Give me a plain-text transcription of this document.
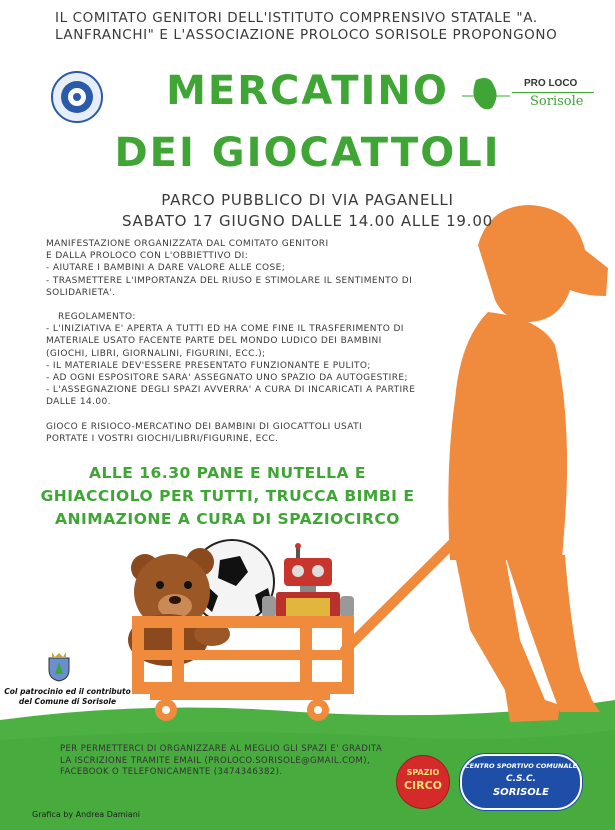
PRO LOCO
Sorisole
IL COMITATO GENITORI DELL'ISTITUTO COMPRENSIVO STATALE "A. LANFRANCHI" E L'ASSOCIAZIONE PROLOCO SORISOLE PROPONGONO
MERCATINO
DEI GIOCATTOLI
PARCO PUBBLICO DI VIA PAGANELLI
SABATO 17 GIUGNO DALLE 14.00 ALLE 19.00

MANIFESTAZIONE ORGANIZZATA DAL COMITATO GENITORI

E DALLA PROLOCO CON L'OBBIETTIVO DI:

- AIUTARE I BAMBINI A DARE VALORE ALLE COSE;

- TRASMETTERE L'IMPORTANZA DEL RIUSO E STIMOLARE IL SENTIMENTO DI SOLIDARIETA'.

REGOLAMENTO:

- L'INIZIATIVA E' APERTA A TUTTI ED HA COME FINE IL TRASFERIMENTO DI MATERIALE USATO FACENTE PARTE DEL MONDO LUDICO DEI BAMBINI (GIOCHI, LIBRI, GIORNALINI, FIGURINI, ECC.);

- IL MATERIALE DEV'ESSERE PRESENTATO FUNZIONANTE E PULITO;

- AD OGNI ESPOSITORE SARA' ASSEGNATO UNO SPAZIO DA AUTOGESTIRE;

- L'ASSEGNAZIONE DEGLI SPAZI AVVERRA' A CURA DI INCARICATI A PARTIRE DALLE 14.00.

GIOCO E RISIOCO-MERCATINO DEI BAMBINI DI GIOCATTOLI USATI

PORTATE I VOSTRI GIOCHI/LIBRI/FIGURINE, ECC.

ALLE 16.30 PANE E NUTELLA E
GHIACCIOLO PER TUTTI, TRUCCA BIMBI E
ANIMAZIONE A CURA DI SPAZIOCIRCO
Col patrocinio ed il contributo del Comune di Sorisole
PER PERMETTERCI DI ORGANIZZARE AL MEGLIO GLI SPAZI E' GRADITA LA ISCRIZIONE TRAMITE EMAIL (PROLOCO.SORISOLE@GMAIL.COM), FACEBOOK O TELEFONICAMENTE (3474346382).	SPAZIO
CIRCO
CENTRO SPORTIVO COMUNALE
C.S.C.
SORISOLE
Grafica by Andrea Damiani
